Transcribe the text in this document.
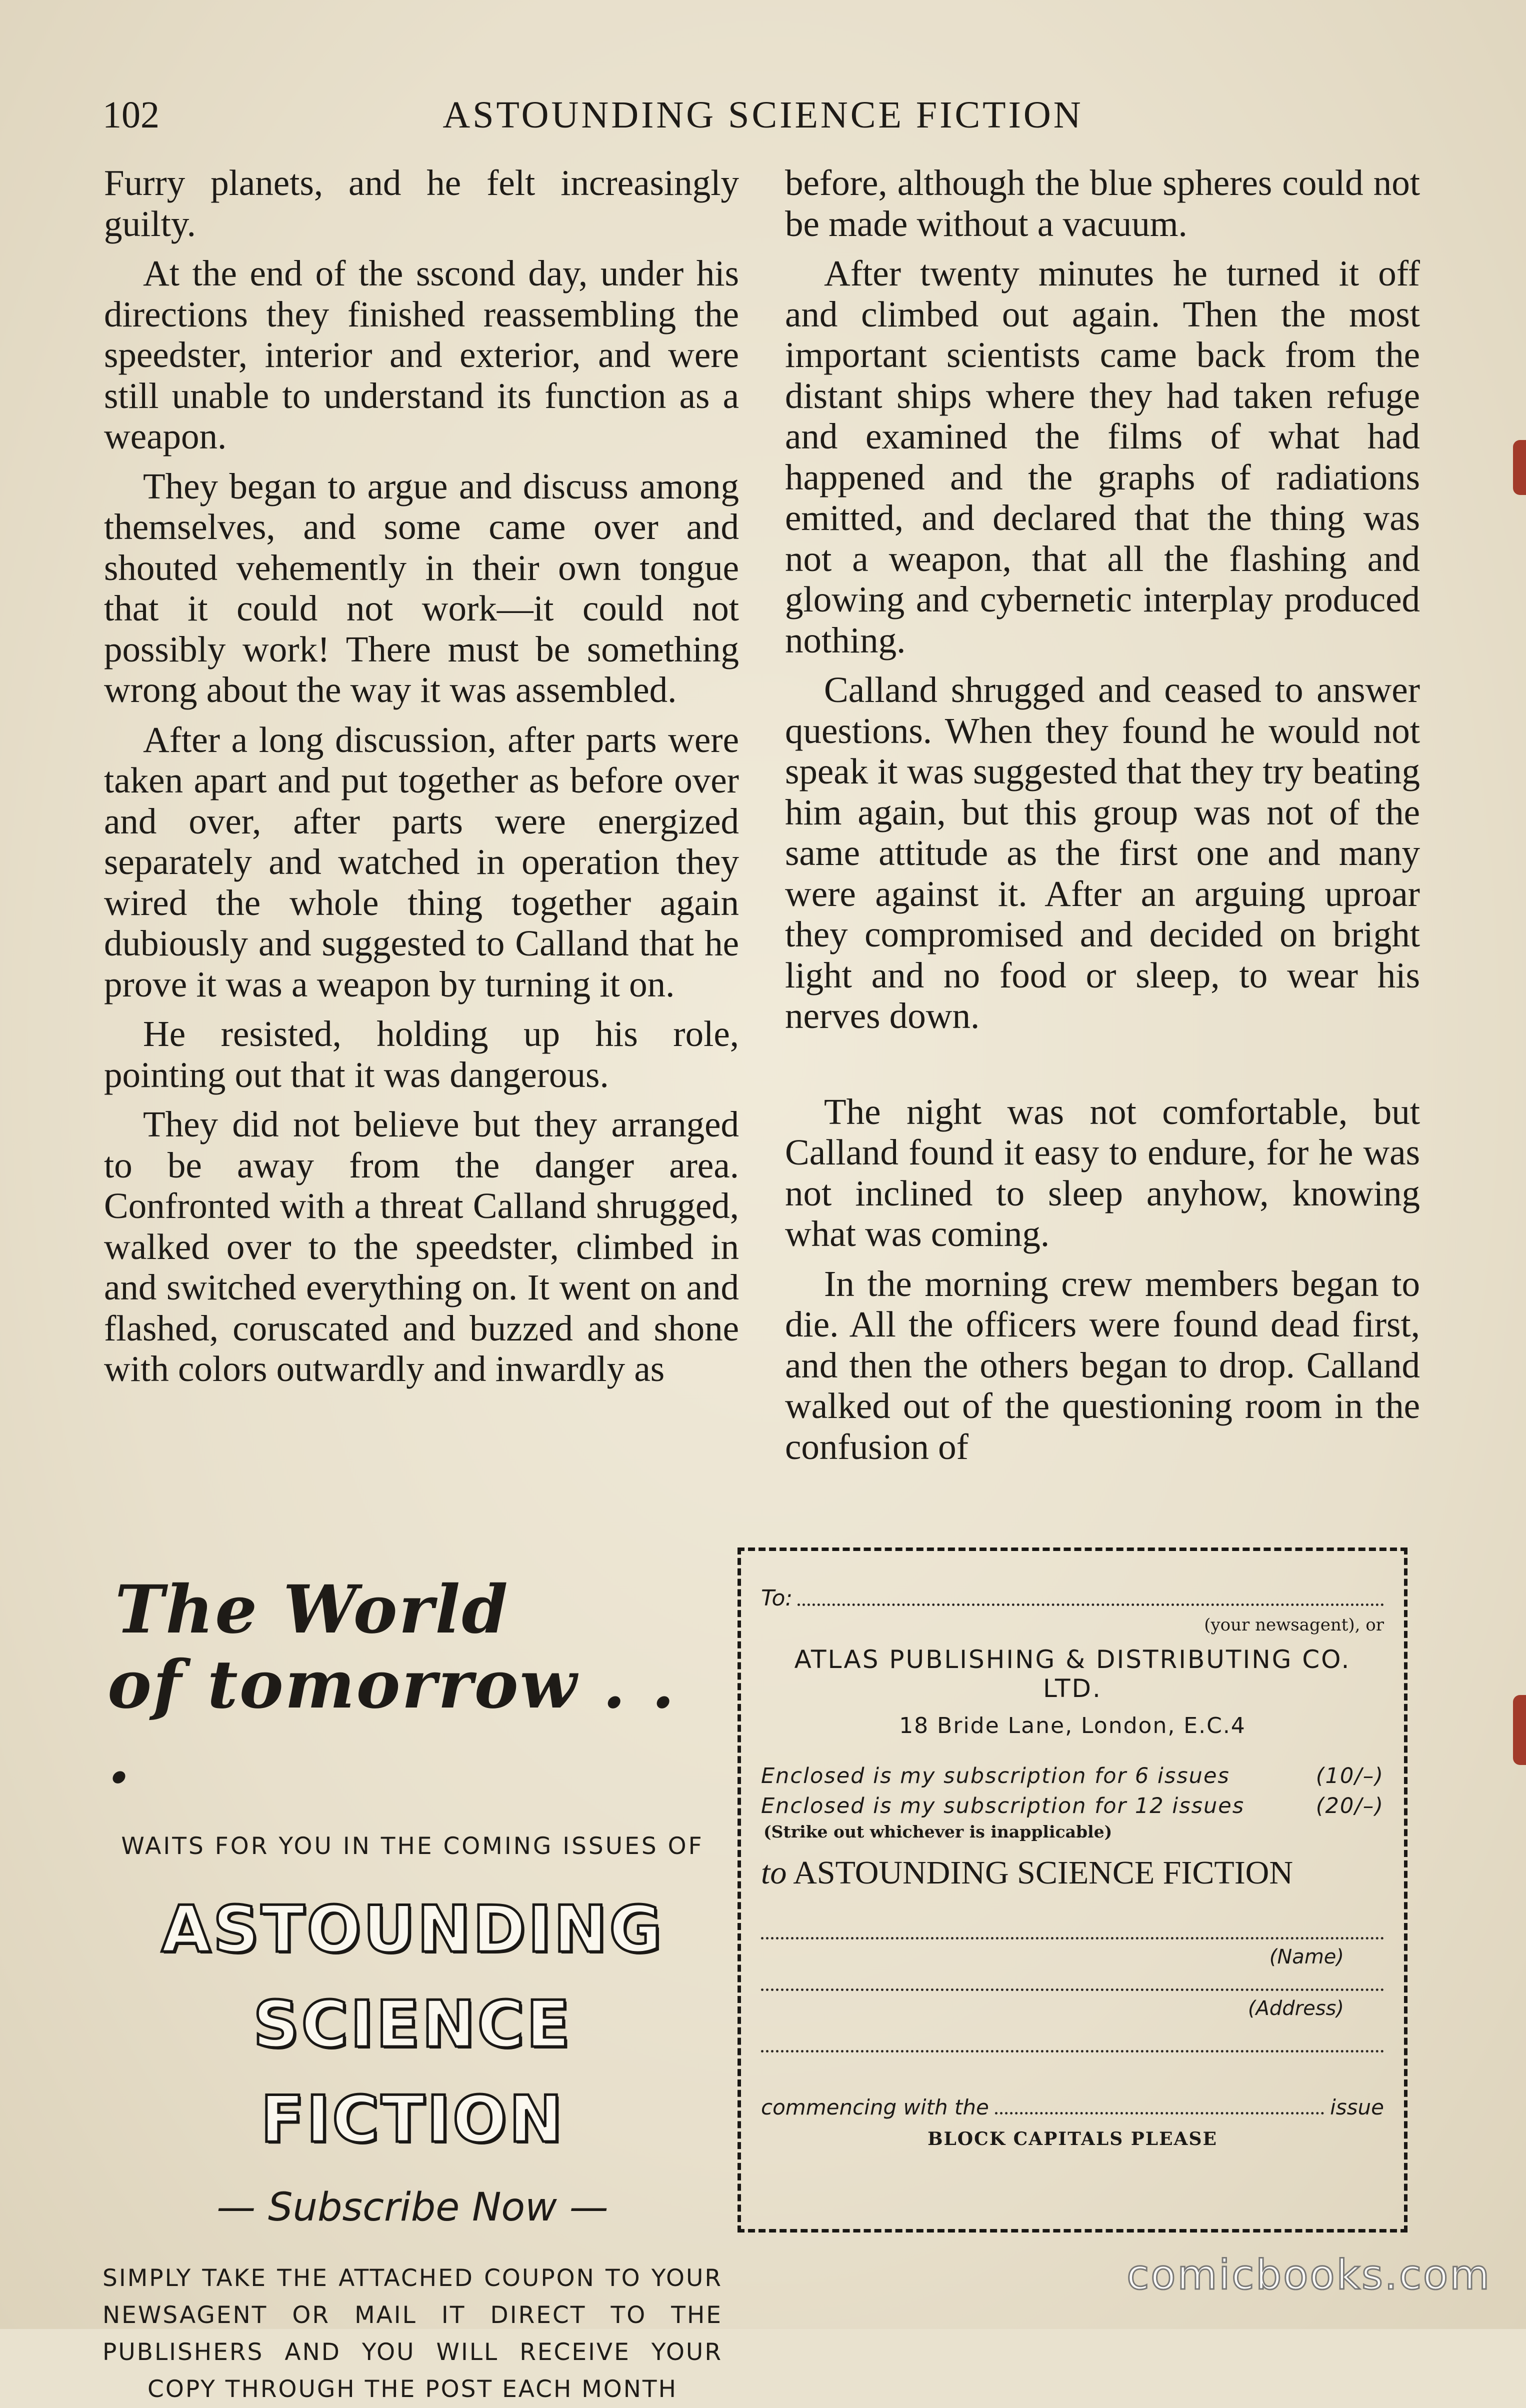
102	ASTOUNDING SCIENCE FICTION

Furry planets, and he felt increasingly guilty.

At the end of the sscond day, under his directions they finished reassembling the speedster, interior and exterior, and were still unable to understand its function as a weapon.

They began to argue and discuss among themselves, and some came over and shouted vehemently in their own tongue that it could not work—it could not possibly work! There must be something wrong about the way it was assembled.

After a long discussion, after parts were taken apart and put together as before over and over, after parts were energized separately and watched in operation they wired the whole thing together again dubiously and suggested to Calland that he prove it was a weapon by turning it on.

He resisted, holding up his role, pointing out that it was dangerous.

They did not believe but they arranged to be away from the danger area. Confronted with a threat Calland shrugged, walked over to the speedster, climbed in and switched everything on. It went on and flashed, coruscated and buzzed and shone with colors outwardly and inwardly as

before, although the blue spheres could not be made without a vacuum.

After twenty minutes he turned it off and climbed out again. Then the most important scientists came back from the distant ships where they had taken refuge and examined the films of what had happened and the graphs of radiations emitted, and declared that the thing was not a weapon, that all the flashing and glowing and cybernetic interplay produced nothing.

Calland shrugged and ceased to answer questions. When they found he would not speak it was suggested that they try beating him again, but this group was not of the same attitude as the first one and many were against it. After an arguing uproar they compromised and decided on bright light and no food or sleep, to wear his nerves down.

The night was not comfortable, but Calland found it easy to endure, for he was not inclined to sleep anyhow, knowing what was coming.

In the morning crew members began to die. All the officers were found dead first, and then the others began to drop. Calland walked out of the questioning room in the confusion of

The World
of tomorrow . . .
WAITS FOR YOU IN THE COMING ISSUES OF
ASTOUNDING
SCIENCE FICTION
— Subscribe Now —
SIMPLY TAKE THE ATTACHED COUPON TO YOUR NEWSAGENT OR MAIL IT DIRECT TO THE PUBLISHERS AND YOU WILL RECEIVE YOUR COPY THROUGH THE POST EACH MONTH
To:
(your newsagent), or
ATLAS PUBLISHING & DISTRIBUTING CO. LTD.
18 Bride Lane, London, E.C.4
Enclosed is my subscription for 6 issues	(10/–)
Enclosed is my subscription for 12 issues	(20/–)
(Strike out whichever is inapplicable)
to ASTOUNDING SCIENCE FICTION
(Name)
(Address)
commencing with the	issue
BLOCK CAPITALS PLEASE
comicbooks.com
